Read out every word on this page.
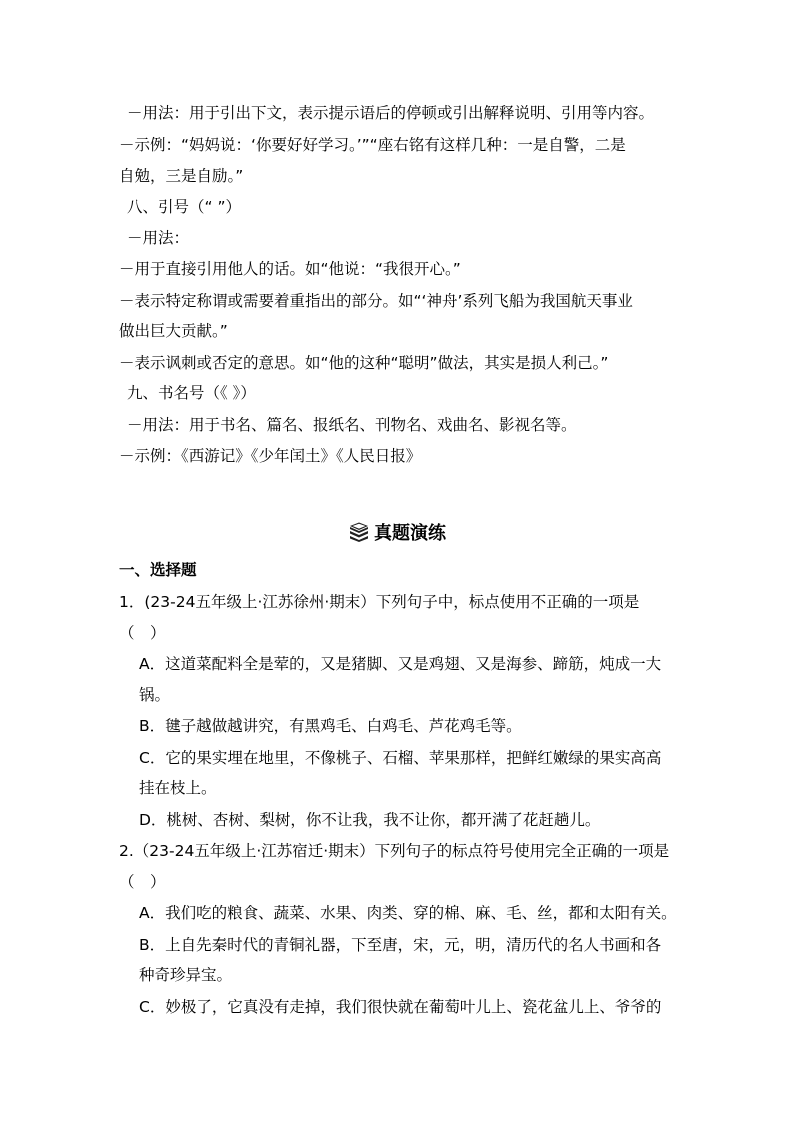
－用法：用于引出下文，表示提示语后的停顿或引出解释说明、引用等内容。
－示例：“妈妈说：‘你要好好学习。’”“座右铭有这样几种：一是自警，二是
自勉，三是自励。”
八、引号（“ ”）
－用法：
－用于直接引用他人的话。如“他说：“我很开心。”
－表示特定称谓或需要着重指出的部分。如“‘神舟’系列飞船为我国航天事业
做出巨大贡献。”
－表示讽刺或否定的意思。如“他的这种“聪明”做法，其实是损人利己。”
九、书名号（《 》）
－用法：用于书名、篇名、报纸名、刊物名、戏曲名、影视名等。
－示例：《西游记》《少年闰土》《人民日报》
真题演练
一、选择题
1．(23-24五年级上·江苏徐州·期末）下列句子中，标点使用不正确的一项是
（　）
A．这道菜配料全是荤的，又是猪脚、又是鸡翅、又是海参、蹄筋，炖成一大
锅。
B．毽子越做越讲究，有黑鸡毛、白鸡毛、芦花鸡毛等。
C．它的果实埋在地里，不像桃子、石榴、苹果那样，把鲜红嫩绿的果实高高
挂在枝上。
D．桃树、杏树、梨树，你不让我，我不让你，都开满了花赶趟儿。
2.（23-24五年级上·江苏宿迁·期末）下列句子的标点符号使用完全正确的一项是
（　）
A．我们吃的粮食、蔬菜、水果、肉类、穿的棉、麻、毛、丝，都和太阳有关。
B．上自先秦时代的青铜礼器，下至唐，宋，元，明，清历代的名人书画和各
种奇珍异宝。
C．妙极了，它真没有走掉，我们很快就在葡萄叶儿上、瓷花盆儿上、爷爷的
